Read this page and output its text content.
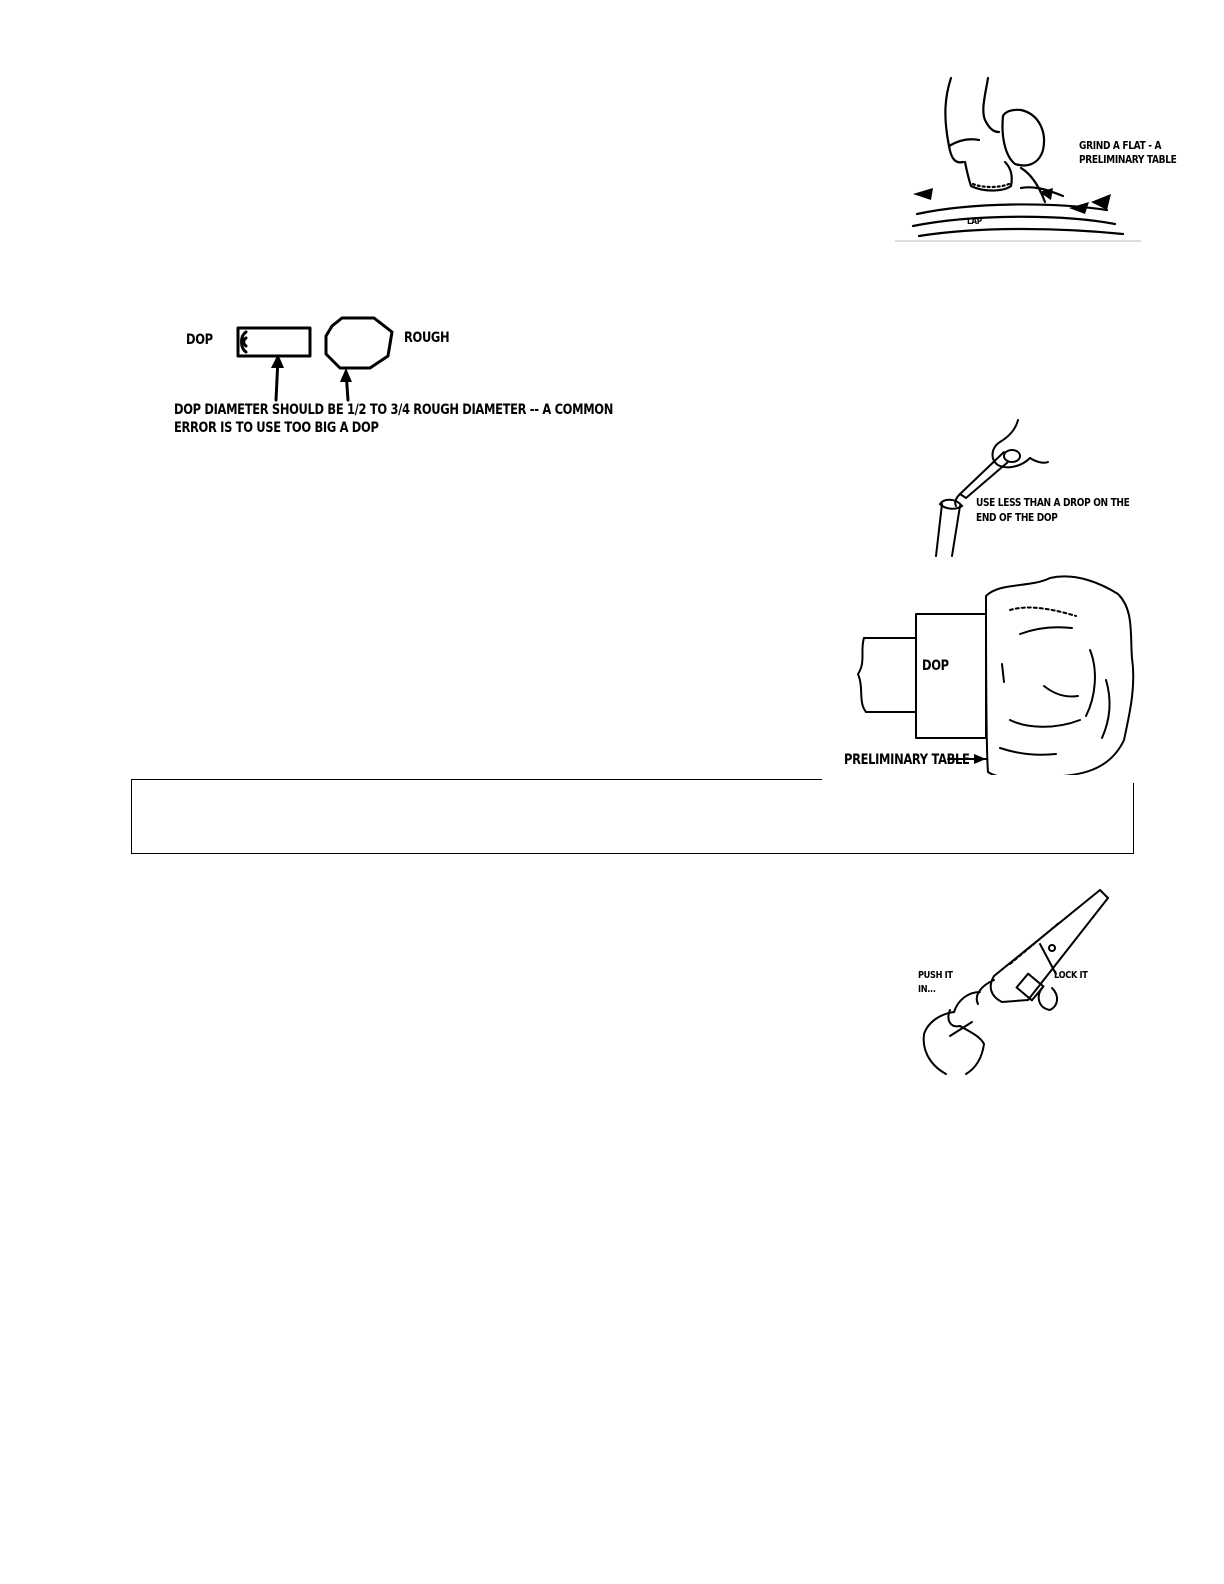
GRIND A FLAT - A
PRELIMINARY TABLE
LAP
DOP	ROUGH
DOP DIAMETER SHOULD BE 1/2 TO 3/4 ROUGH DIAMETER -- A COMMON
ERROR IS TO USE TOO BIG A DOP
USE LESS THAN A DROP ON THE
END OF THE DOP
DOP
PRELIMINARY TABLE
PUSH IT
IN...
LOCK IT
